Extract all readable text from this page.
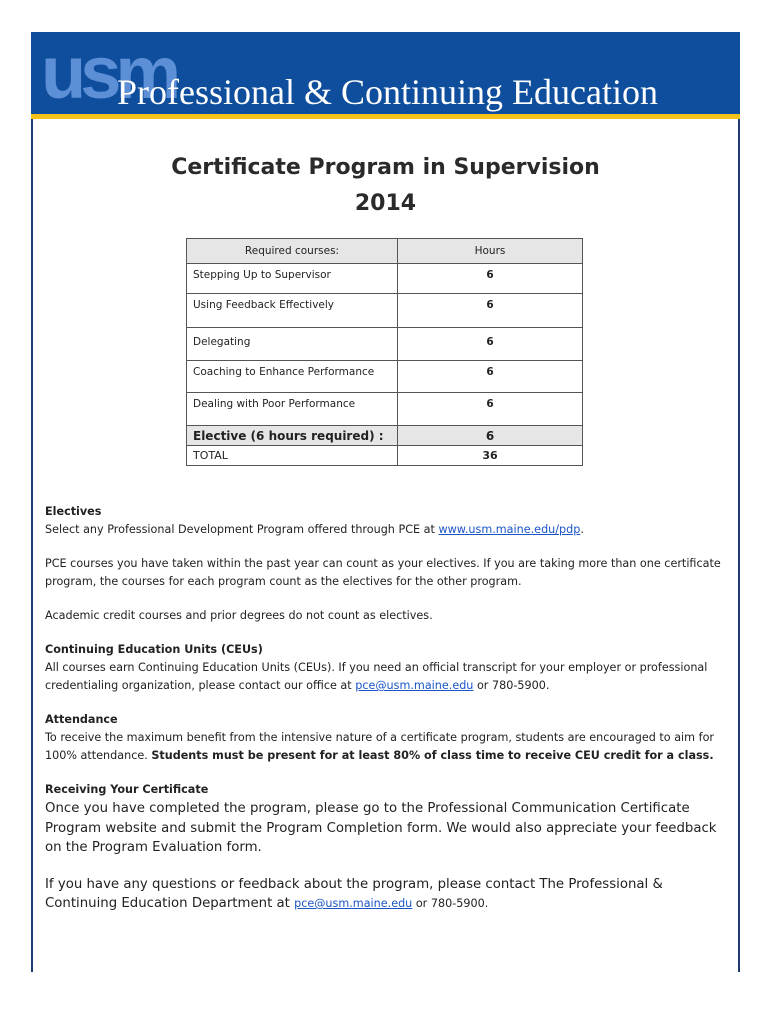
usm
Professional & Continuing Education
Certificate Program in Supervision
2014
Required courses:	Hours
Stepping Up to Supervisor	6
Using Feedback Effectively	6
Delegating	6
Coaching to Enhance Performance	6
Dealing with Poor Performance	6
Elective (6 hours required) :	6
TOTAL	36

Electives

Select any Professional Development Program offered through PCE at www.usm.maine.edu/pdp.

PCE courses you have taken within the past year can count as your electives. If you are taking more than one certificate program, the courses for each program count as the electives for the other program.

Academic credit courses and prior degrees do not count as electives.

Continuing Education Units (CEUs)

All courses earn Continuing Education Units (CEUs). If you need an official transcript for your employer or professional credentialing organization, please contact our office at pce@usm.maine.edu or 780-5900.

Attendance

To receive the maximum benefit from the intensive nature of a certificate program, students are encouraged to aim for 100% attendance. Students must be present for at least 80% of class time to receive CEU credit for a class.

Receiving Your Certificate

Once you have completed the program, please go to the Professional Communication Certificate Program website and submit the Program Completion form. We would also appreciate your feedback on the Program Evaluation form.

If you have any questions or feedback about the program, please contact The Professional & Continuing Education Department at pce@usm.maine.edu or 780-5900.
